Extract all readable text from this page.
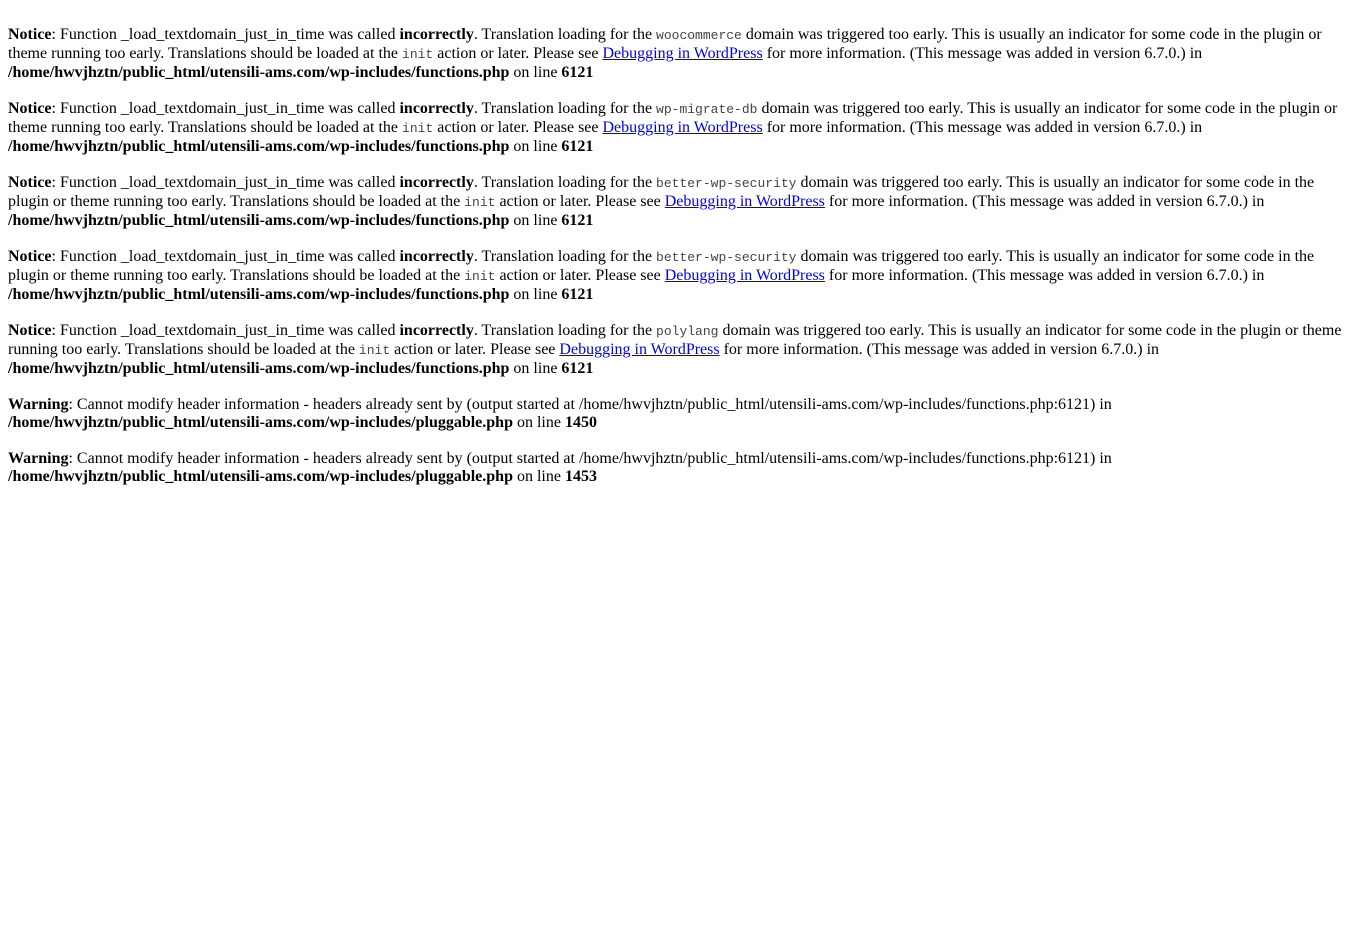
Notice: Function _load_textdomain_just_in_time was called incorrectly. Translation loading for the woocommerce domain was triggered too early. This is usually an indicator for some code in the plugin or theme running too early. Translations should be loaded at the init action or later. Please see Debugging in WordPress for more information. (This message was added in version 6.7.0.) in /home/hwvjhztn/public_html/utensili-ams.com/wp-includes/functions.php on line 6121

Notice: Function _load_textdomain_just_in_time was called incorrectly. Translation loading for the wp-migrate-db domain was triggered too early. This is usually an indicator for some code in the plugin or theme running too early. Translations should be loaded at the init action or later. Please see Debugging in WordPress for more information. (This message was added in version 6.7.0.) in /home/hwvjhztn/public_html/utensili-ams.com/wp-includes/functions.php on line 6121

Notice: Function _load_textdomain_just_in_time was called incorrectly. Translation loading for the better-wp-security domain was triggered too early. This is usually an indicator for some code in the plugin or theme running too early. Translations should be loaded at the init action or later. Please see Debugging in WordPress for more information. (This message was added in version 6.7.0.) in /home/hwvjhztn/public_html/utensili-ams.com/wp-includes/functions.php on line 6121

Notice: Function _load_textdomain_just_in_time was called incorrectly. Translation loading for the better-wp-security domain was triggered too early. This is usually an indicator for some code in the plugin or theme running too early. Translations should be loaded at the init action or later. Please see Debugging in WordPress for more information. (This message was added in version 6.7.0.) in /home/hwvjhztn/public_html/utensili-ams.com/wp-includes/functions.php on line 6121

Notice: Function _load_textdomain_just_in_time was called incorrectly. Translation loading for the polylang domain was triggered too early. This is usually an indicator for some code in the plugin or theme running too early. Translations should be loaded at the init action or later. Please see Debugging in WordPress for more information. (This message was added in version 6.7.0.) in /home/hwvjhztn/public_html/utensili-ams.com/wp-includes/functions.php on line 6121

Warning: Cannot modify header information - headers already sent by (output started at /home/hwvjhztn/public_html/utensili-ams.com/wp-includes/functions.php:6121) in /home/hwvjhztn/public_html/utensili-ams.com/wp-includes/pluggable.php on line 1450

Warning: Cannot modify header information - headers already sent by (output started at /home/hwvjhztn/public_html/utensili-ams.com/wp-includes/functions.php:6121) in /home/hwvjhztn/public_html/utensili-ams.com/wp-includes/pluggable.php on line 1453
